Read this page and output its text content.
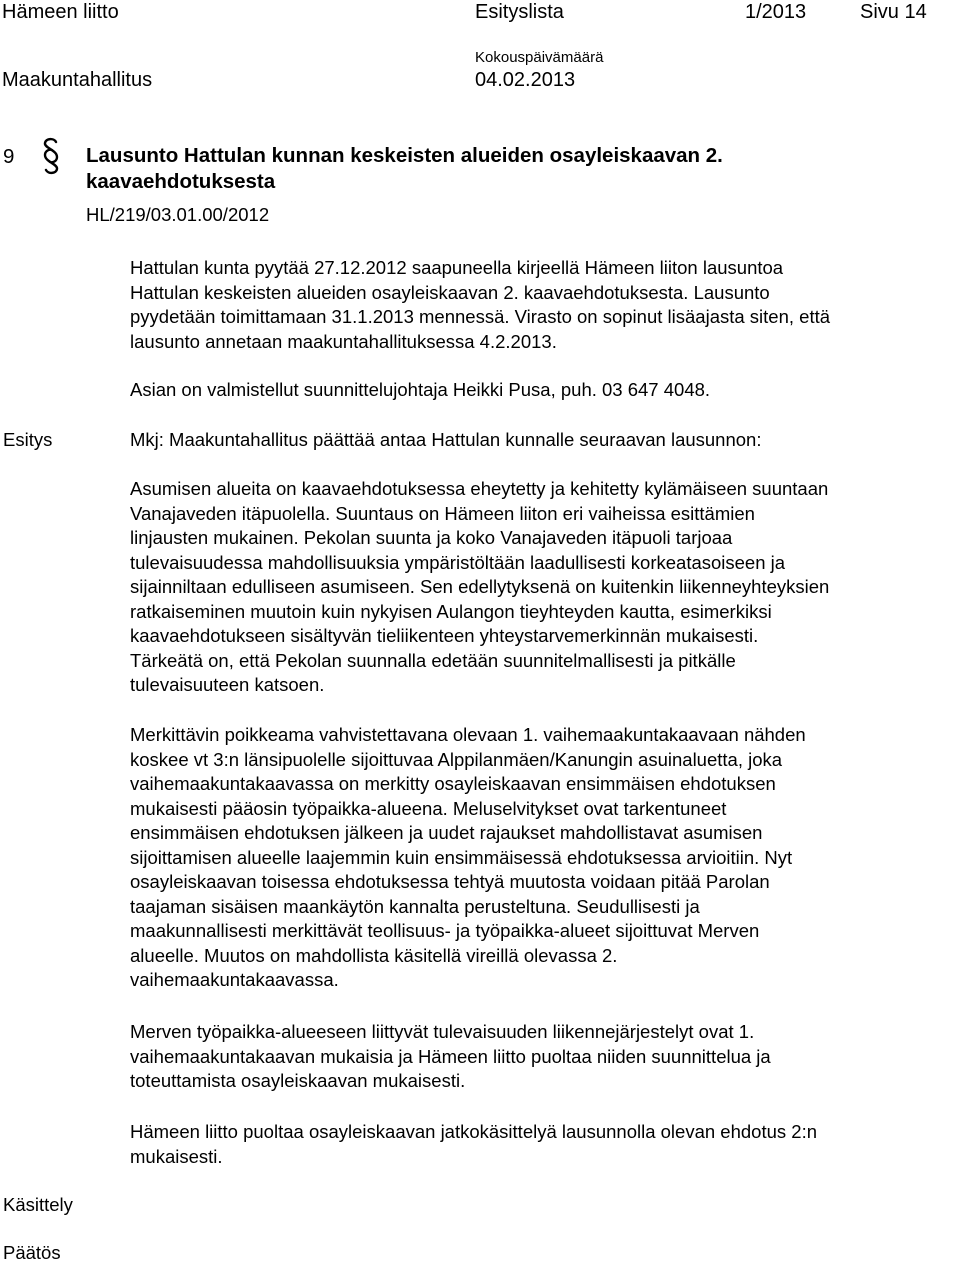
Hämeen liitto	Esityslista	1/2013	Sivu 14
Kokouspäivämäärä
Maakuntahallitus	04.02.2013
9	Lausunto Hattulan kunnan keskeisten alueiden osayleiskaavan 2.
kaavaehdotuksesta
HL/219/03.01.00/2012
Hattulan kunta pyytää 27.12.2012 saapuneella kirjeellä Hämeen liiton lausuntoa
Hattulan keskeisten alueiden osayleiskaavan 2. kaavaehdotuksesta. Lausunto
pyydetään toimittamaan 31.1.2013 mennessä. Virasto on sopinut lisäajasta siten, että
lausunto annetaan maakuntahallituksessa 4.2.2013.
Asian on valmistellut suunnittelujohtaja Heikki Pusa, puh. 03 647 4048.
Esitys	Mkj: Maakuntahallitus päättää antaa Hattulan kunnalle seuraavan lausunnon:
Asumisen alueita on kaavaehdotuksessa eheytetty ja kehitetty kylämäiseen suuntaan
Vanajaveden itäpuolella. Suuntaus on Hämeen liiton eri vaiheissa esittämien
linjausten mukainen. Pekolan suunta ja koko Vanajaveden itäpuoli tarjoaa
tulevaisuudessa mahdollisuuksia ympäristöltään laadullisesti korkeatasoiseen ja
sijainniltaan edulliseen asumiseen. Sen edellytyksenä on kuitenkin liikenneyhteyksien
ratkaiseminen muutoin kuin nykyisen Aulangon tieyhteyden kautta, esimerkiksi
kaavaehdotukseen sisältyvän tieliikenteen yhteystarvemerkinnän mukaisesti.
Tärkeätä on, että Pekolan suunnalla edetään suunnitelmallisesti ja pitkälle
tulevaisuuteen katsoen.
Merkittävin poikkeama vahvistettavana olevaan 1. vaihemaakuntakaavaan nähden
koskee vt 3:n länsipuolelle sijoittuvaa Alppilanmäen/Kanungin asuinaluetta, joka
vaihemaakuntakaavassa on merkitty osayleiskaavan ensimmäisen ehdotuksen
mukaisesti pääosin työpaikka-alueena. Meluselvitykset ovat tarkentuneet
ensimmäisen ehdotuksen jälkeen ja uudet rajaukset mahdollistavat asumisen
sijoittamisen alueelle laajemmin kuin ensimmäisessä ehdotuksessa arvioitiin. Nyt
osayleiskaavan toisessa ehdotuksessa tehtyä muutosta voidaan pitää Parolan
taajaman sisäisen maankäytön kannalta perusteltuna. Seudullisesti ja
maakunnallisesti merkittävät teollisuus- ja työpaikka-alueet sijoittuvat Merven
alueelle. Muutos on mahdollista käsitellä vireillä olevassa 2.
vaihemaakuntakaavassa.
Merven työpaikka-alueeseen liittyvät tulevaisuuden liikennejärjestelyt ovat 1.
vaihemaakuntakaavan mukaisia ja Hämeen liitto puoltaa niiden suunnittelua ja
toteuttamista osayleiskaavan mukaisesti.
Hämeen liitto puoltaa osayleiskaavan jatkokäsittelyä lausunnolla olevan ehdotus 2:n
mukaisesti.
Käsittely
Päätös
